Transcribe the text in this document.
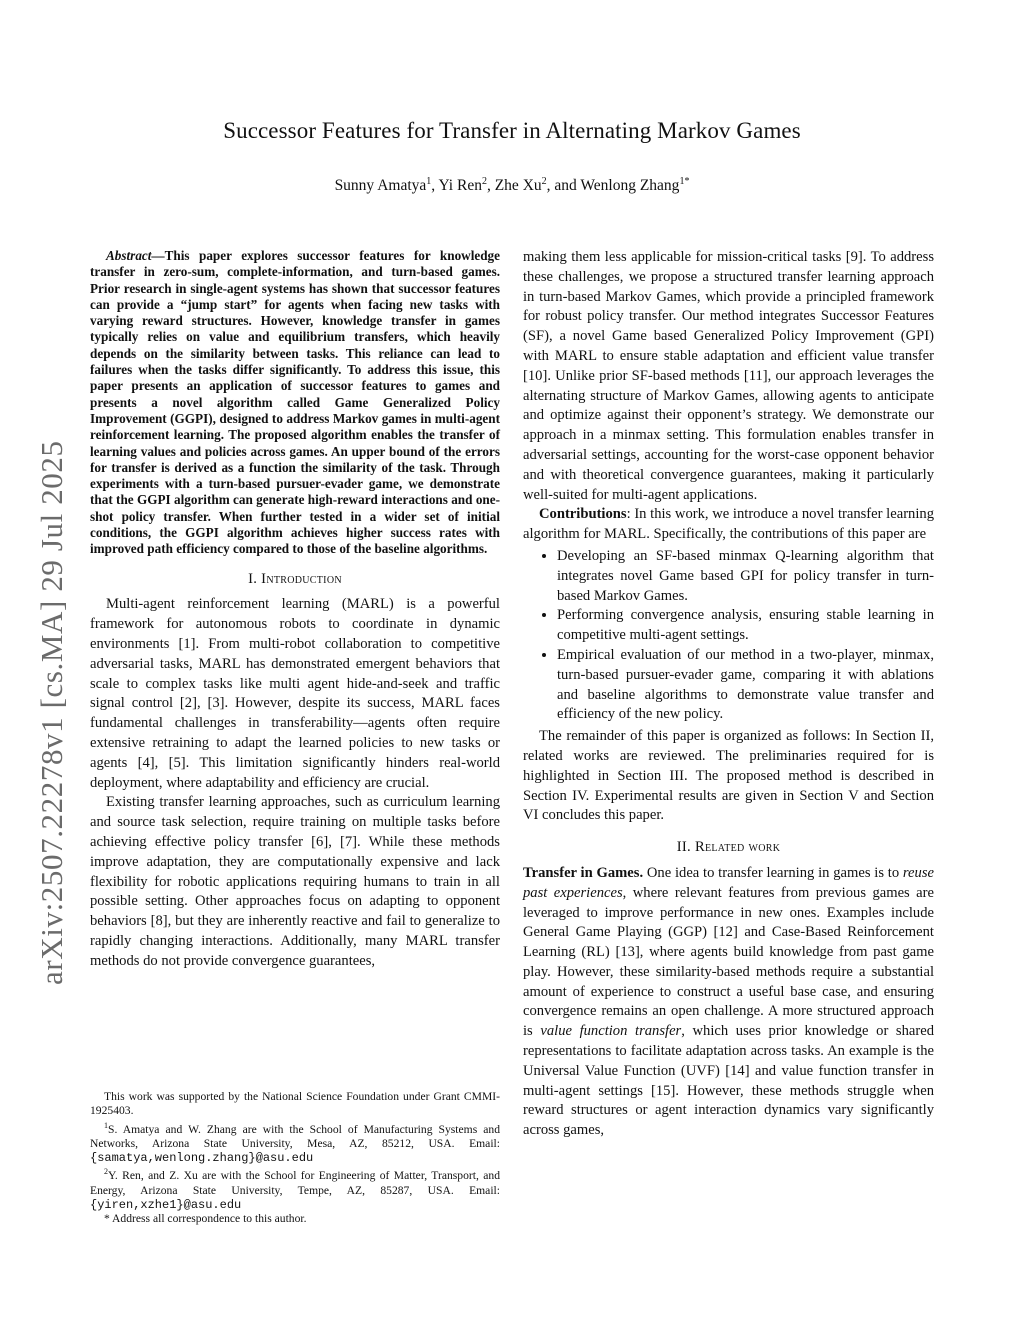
arXiv:2507.22278v1 [cs.MA] 29 Jul 2025
Successor Features for Transfer in Alternating Markov Games
Sunny Amatya$^1$, Yi Ren$^2$, Zhe Xu$^2$, and Wenlong Zhang$^{1*}$

Abstract—This paper explores successor features for knowledge transfer in zero-sum, complete-information, and turn-based games. Prior research in single-agent systems has shown that successor features can provide a “jump start” for agents when facing new tasks with varying reward structures. However, knowledge transfer in games typically relies on value and equilibrium transfers, which heavily depends on the similarity between tasks. This reliance can lead to failures when the tasks differ significantly. To address this issue, this paper presents an application of successor features to games and presents a novel algorithm called Game Generalized Policy Improvement (GGPI), designed to address Markov games in multi-agent reinforcement learning. The proposed algorithm enables the transfer of learning values and policies across games. An upper bound of the errors for transfer is derived as a function the similarity of the task. Through experiments with a turn-based pursuer-evader game, we demonstrate that the GGPI algorithm can generate high-reward interactions and one-shot policy transfer. When further tested in a wider set of initial conditions, the GGPI algorithm achieves higher success rates with improved path efficiency compared to those of the baseline algorithms.

I. Introduction

Multi-agent reinforcement learning (MARL) is a powerful framework for autonomous robots to coordinate in dynamic environments [1]. From multi-robot collaboration to competitive adversarial tasks, MARL has demonstrated emergent behaviors that scale to complex tasks like multi agent hide-and-seek and traffic signal control [2], [3]. However, despite its success, MARL faces fundamental challenges in transferability—agents often require extensive retraining to adapt the learned policies to new tasks or agents [4], [5]. This limitation significantly hinders real-world deployment, where adaptability and efficiency are crucial.

Existing transfer learning approaches, such as curriculum learning and source task selection, require training on multiple tasks before achieving effective policy transfer [6], [7]. While these methods improve adaptation, they are computationally expensive and lack flexibility for robotic applications requiring humans to train in all possible setting. Other approaches focus on adapting to opponent behaviors [8], but they are inherently reactive and fail to generalize to rapidly changing interactions. Additionally, many MARL transfer methods do not provide convergence guarantees,

This work was supported by the National Science Foundation under Grant CMMI-1925403.

$^1$S. Amatya and W. Zhang are with the School of Manufacturing Systems and Networks, Arizona State University, Mesa, AZ, 85212, USA. Email: {samatya,wenlong.zhang}@asu.edu

$^2$Y. Ren, and Z. Xu are with the School for Engineering of Matter, Transport, and Energy, Arizona State University, Tempe, AZ, 85287, USA. Email: {yiren,xzhe1}@asu.edu

* Address all correspondence to this author.

making them less applicable for mission-critical tasks [9]. To address these challenges, we propose a structured transfer learning approach in turn-based Markov Games, which provide a principled framework for robust policy transfer. Our method integrates Successor Features (SF), a novel Game based Generalized Policy Improvement (GPI) with MARL to ensure stable adaptation and efficient value transfer [10]. Unlike prior SF-based methods [11], our approach leverages the alternating structure of Markov Games, allowing agents to anticipate and optimize against their opponent’s strategy. We demonstrate our approach in a minmax setting. This formulation enables transfer in adversarial settings, accounting for the worst-case opponent behavior and with theoretical convergence guarantees, making it particularly well-suited for multi-agent applications.

Contributions: In this work, we introduce a novel transfer learning algorithm for MARL. Specifically, the contributions of this paper are

• Developing an SF-based minmax Q-learning algorithm that integrates novel Game based GPI for policy transfer in turn-based Markov Games.
• Performing convergence analysis, ensuring stable learning in competitive multi-agent settings.
• Empirical evaluation of our method in a two-player, minmax, turn-based pursuer-evader game, comparing it with ablations and baseline algorithms to demonstrate value transfer and efficiency of the new policy.

The remainder of this paper is organized as follows: In Section II, related works are reviewed. The preliminaries required for is highlighted in Section III. The proposed method is described in Section IV. Experimental results are given in Section V and Section VI concludes this paper.

II. Related work

Transfer in Games. One idea to transfer learning in games is to reuse past experiences, where relevant features from previous games are leveraged to improve performance in new ones. Examples include General Game Playing (GGP) [12] and Case-Based Reinforcement Learning (RL) [13], where agents build knowledge from past game play. However, these similarity-based methods require a substantial amount of experience to construct a useful base case, and ensuring convergence remains an open challenge. A more structured approach is value function transfer, which uses prior knowledge or shared representations to facilitate adaptation across tasks. An example is the Universal Value Function (UVF) [14] and value function transfer in multi-agent settings [15]. However, these methods struggle when reward structures or agent interaction dynamics vary significantly across games,
